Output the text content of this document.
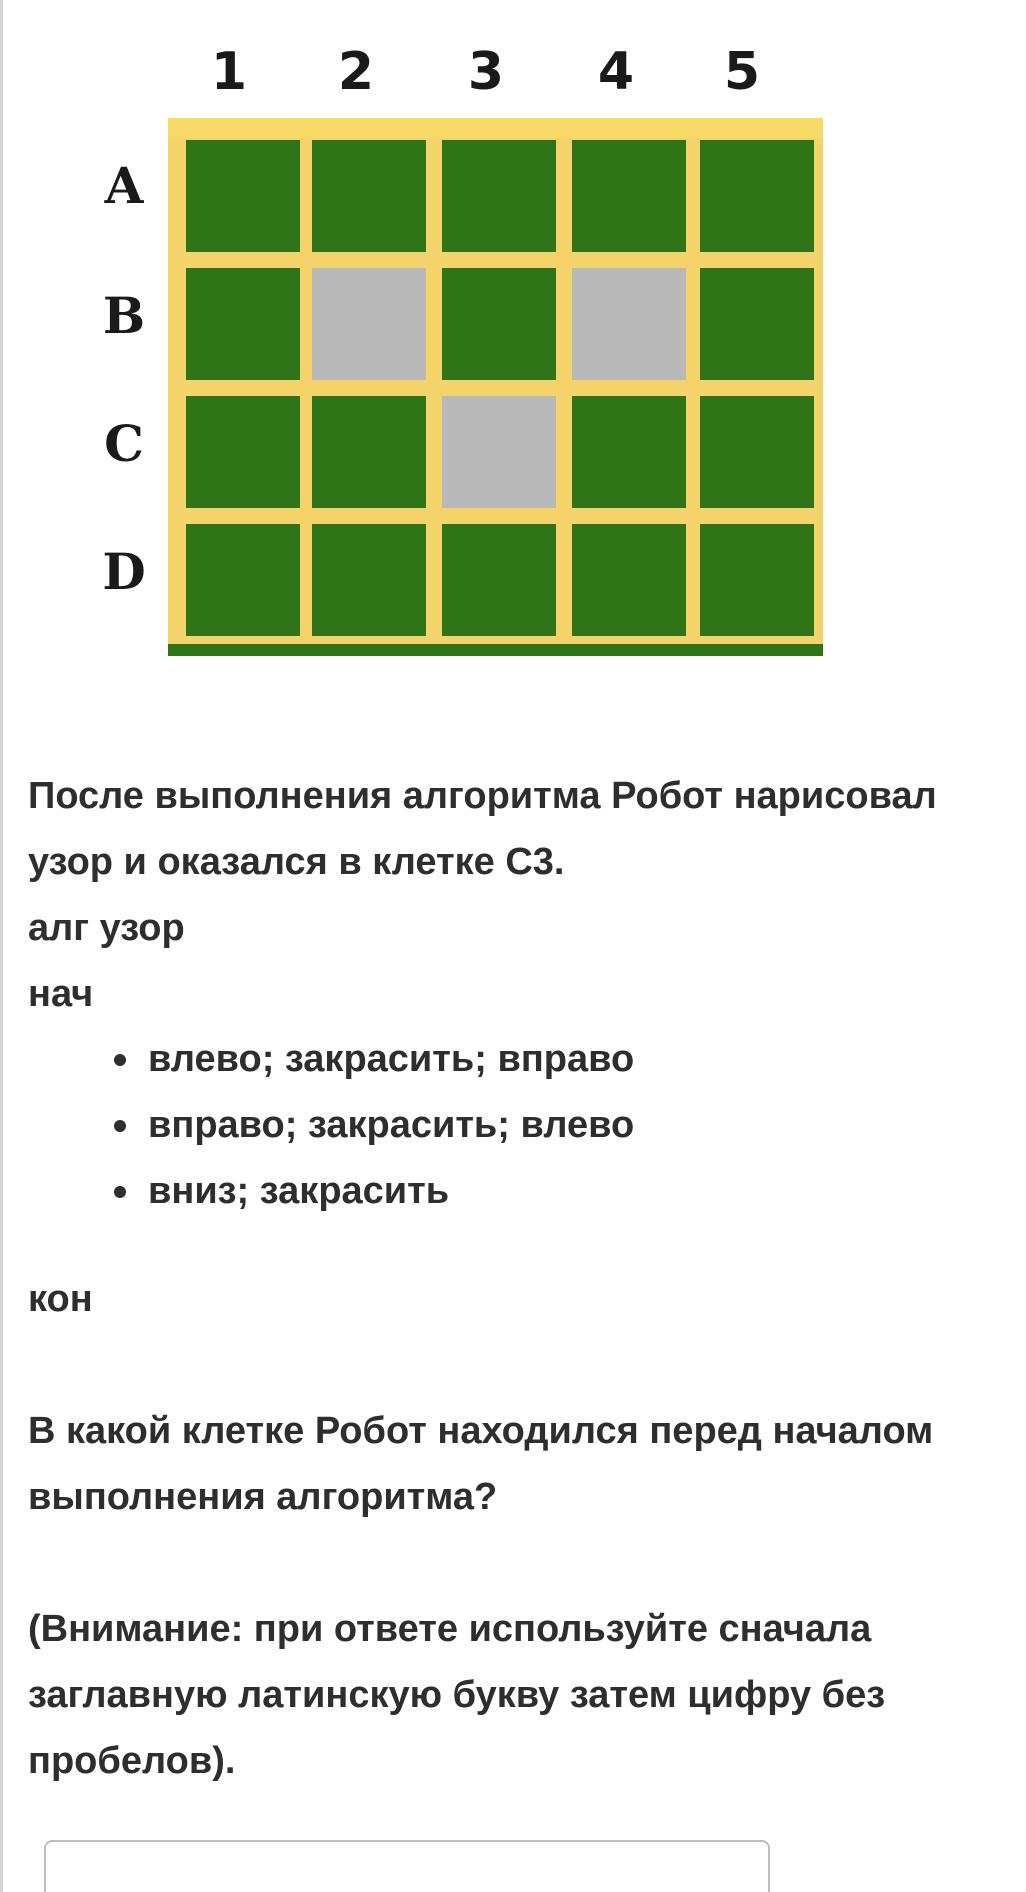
1 2 3 4 5
A
B
C
D

После выполнения алгоритма Робот нарисовал
узор и оказался в клетке С3.
алг узор
нач

влево; закрасить; вправо
вправо; закрасить; влево
вниз; закрасить

кон

В какой клетке Робот находился перед началом
выполнения алгоритма?

(Внимание: при ответе используйте сначала
заглавную латинскую букву затем цифру без
пробелов).
